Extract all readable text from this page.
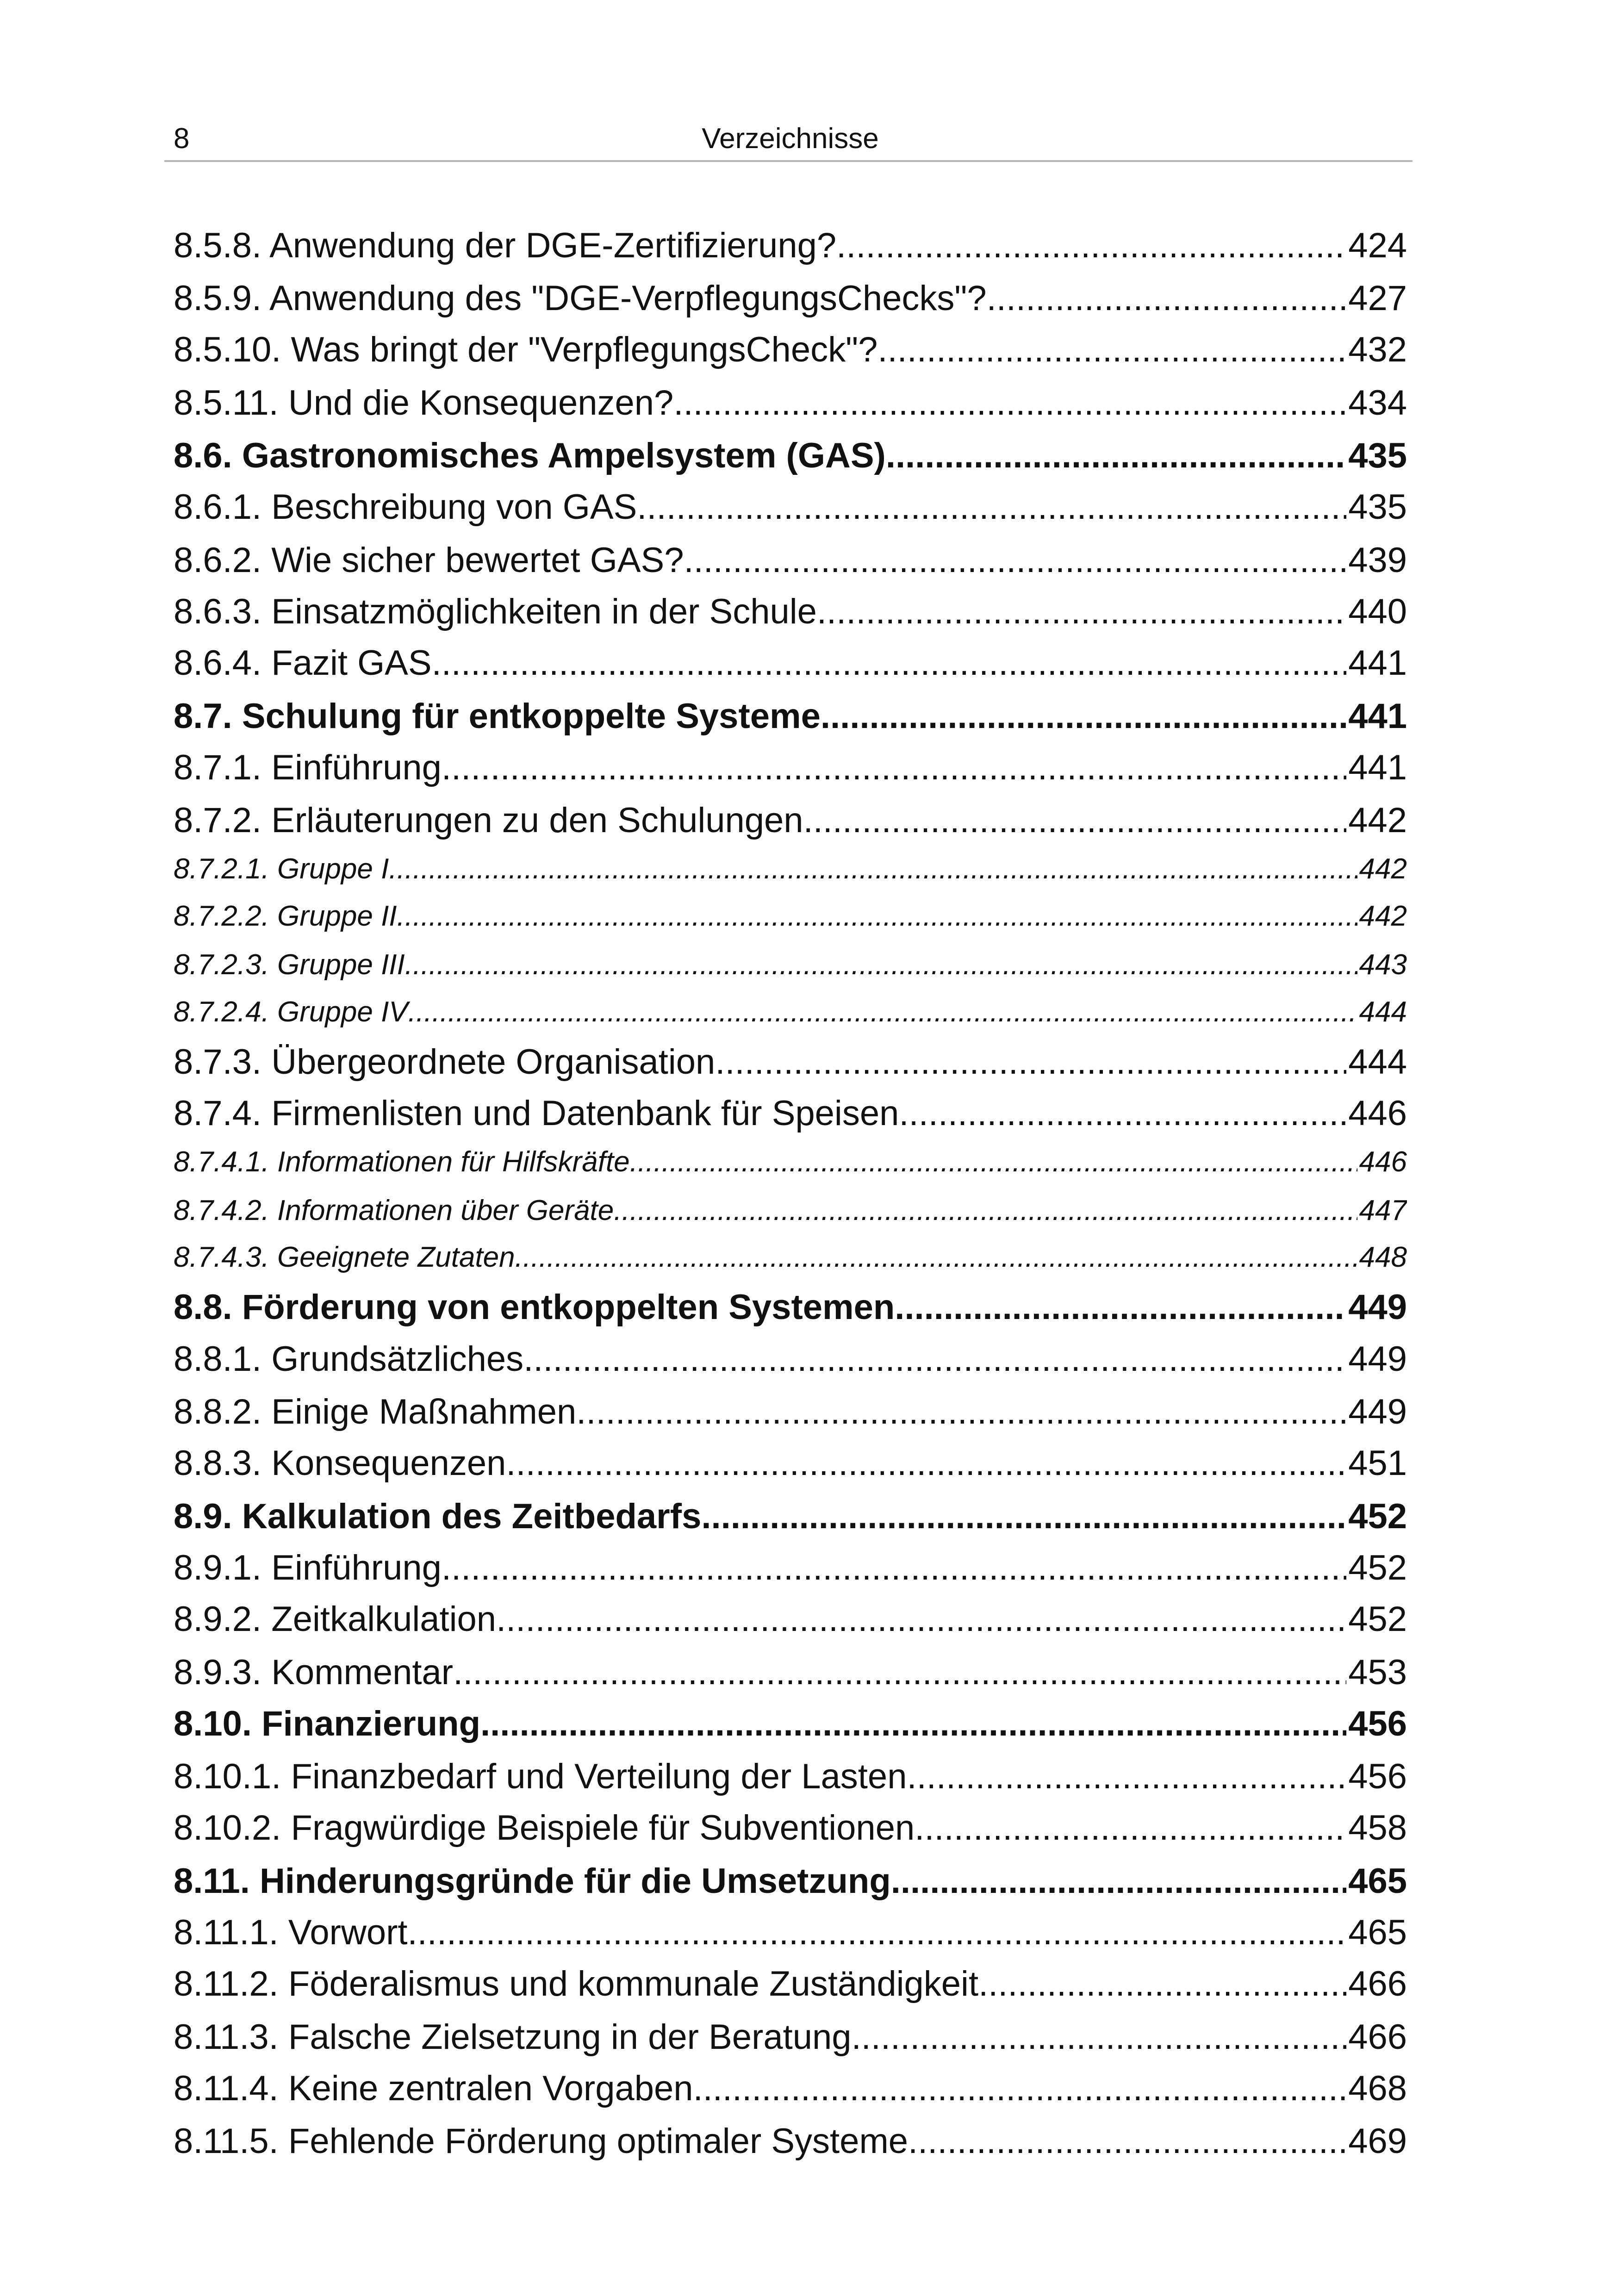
8	Verzeichnisse
8.5.8. Anwendung der DGE-Zertifizierung? .....	424
8.5.9. Anwendung des "DGE-VerpflegungsChecks"? .....	427
8.5.10. Was bringt der "VerpflegungsCheck"? .....	432
8.5.11. Und die Konsequenzen? .....	434
8.6. Gastronomisches Ampelsystem (GAS) .....	435
8.6.1. Beschreibung von GAS .....	435
8.6.2. Wie sicher bewertet GAS? .....	439
8.6.3. Einsatzmöglichkeiten in der Schule .....	440
8.6.4. Fazit GAS .....	441
8.7. Schulung für entkoppelte Systeme .....	441
8.7.1. Einführung .....	441
8.7.2. Erläuterungen zu den Schulungen .....	442
8.7.2.1. Gruppe I .....	442
8.7.2.2. Gruppe II .....	442
8.7.2.3. Gruppe III .....	443
8.7.2.4. Gruppe IV .....	444
8.7.3. Übergeordnete Organisation .....	444
8.7.4. Firmenlisten und Datenbank für Speisen .....	446
8.7.4.1. Informationen für Hilfskräfte .....	446
8.7.4.2. Informationen über Geräte .....	447
8.7.4.3. Geeignete Zutaten .....	448
8.8. Förderung von entkoppelten Systemen .....	449
8.8.1. Grundsätzliches .....	449
8.8.2. Einige Maßnahmen .....	449
8.8.3. Konsequenzen .....	451
8.9. Kalkulation des Zeitbedarfs .....	452
8.9.1. Einführung .....	452
8.9.2. Zeitkalkulation .....	452
8.9.3. Kommentar .....	453
8.10. Finanzierung .....	456
8.10.1. Finanzbedarf und Verteilung der Lasten .....	456
8.10.2. Fragwürdige Beispiele für Subventionen .....	458
8.11. Hinderungsgründe für die Umsetzung .....	465
8.11.1. Vorwort .....	465
8.11.2. Föderalismus und kommunale Zuständigkeit .....	466
8.11.3. Falsche Zielsetzung in der Beratung .....	466
8.11.4. Keine zentralen Vorgaben .....	468
8.11.5. Fehlende Förderung optimaler Systeme .....	469
